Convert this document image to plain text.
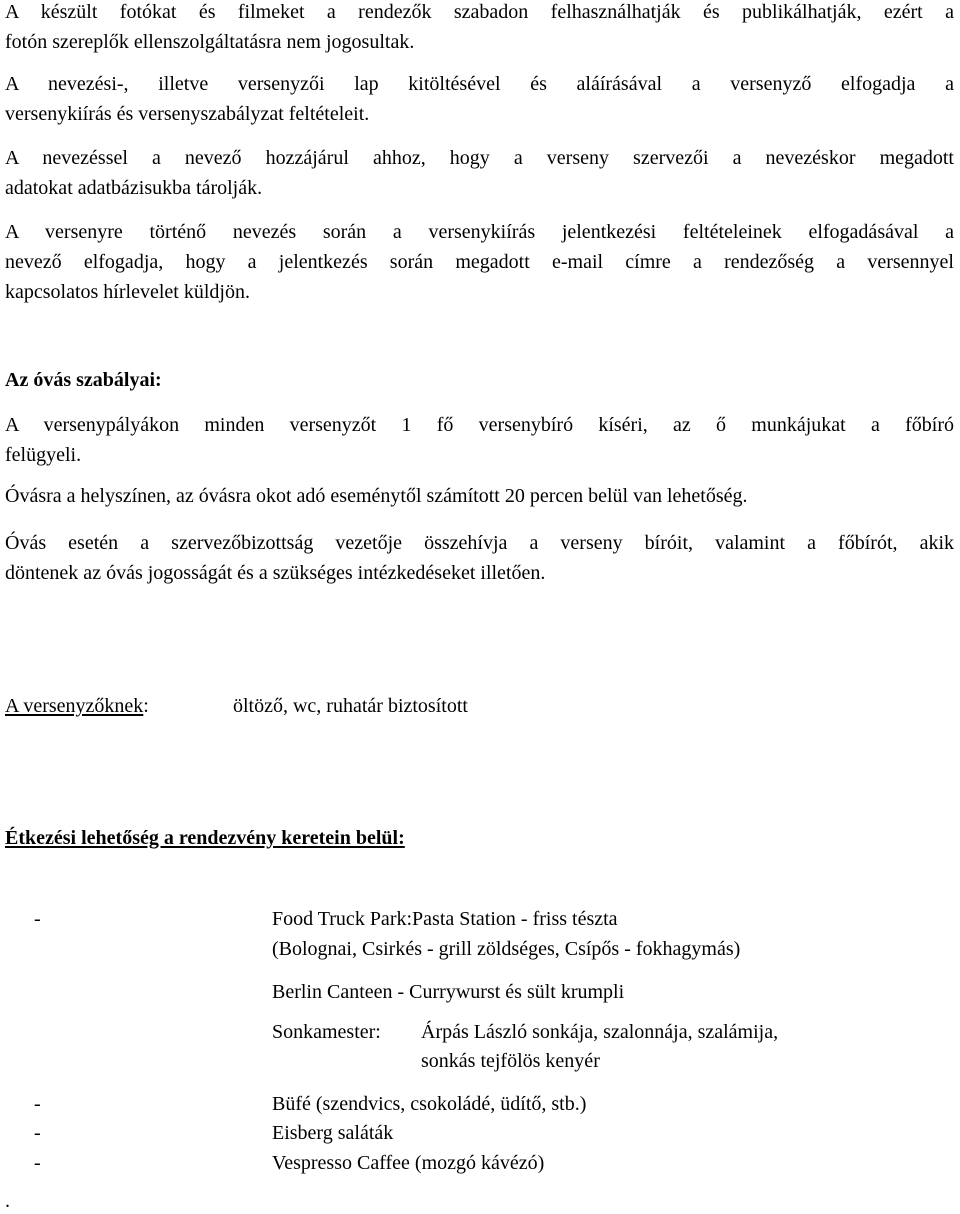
A készült fotókat és filmeket a rendezők szabadon felhasználhatják és publikálhatják, ezért a
fotón szereplők ellenszolgáltatásra nem jogosultak.
A nevezési-, illetve versenyzői lap kitöltésével és aláírásával a versenyző elfogadja a
versenykiírás és versenyszabályzat feltételeit.
A nevezéssel a nevező hozzájárul ahhoz, hogy a verseny szervezői a nevezéskor megadott
adatokat adatbázisukba tárolják.
A versenyre történő nevezés során a versenykiírás jelentkezési feltételeinek elfogadásával a
nevező elfogadja, hogy a jelentkezés során megadott e-mail címre a rendezőség a versennyel
kapcsolatos hírlevelet küldjön.
Az óvás szabályai:
A versenypályákon minden versenyzőt 1 fő versenybíró kíséri, az ő munkájukat a főbíró
felügyeli.
Óvásra a helyszínen, az óvásra okot adó eseménytől számított 20 percen belül van lehetőség.
Óvás esetén a szervezőbizottság vezetője összehívja a verseny bíróit, valamint a főbírót, akik
döntenek az óvás jogosságát és a szükséges intézkedéseket illetően.
A versenyzőknek:	öltöző, wc, ruhatár biztosított
Étkezési lehetőség a rendezvény keretein belül:
-	Food Truck Park:Pasta Station - friss tészta
(Bolognai, Csirkés - grill zöldséges, Csípős - fokhagymás)
Berlin Canteen - Currywurst és sült krumpli
Sonkamester: Árpás László sonkája, szalonnája, szalámija,
sonkás tejfölös kenyér
-	Büfé (szendvics, csokoládé, üdítő, stb.)
-	Eisberg saláták
-	Vespresso Caffee (mozgó kávézó)
.
